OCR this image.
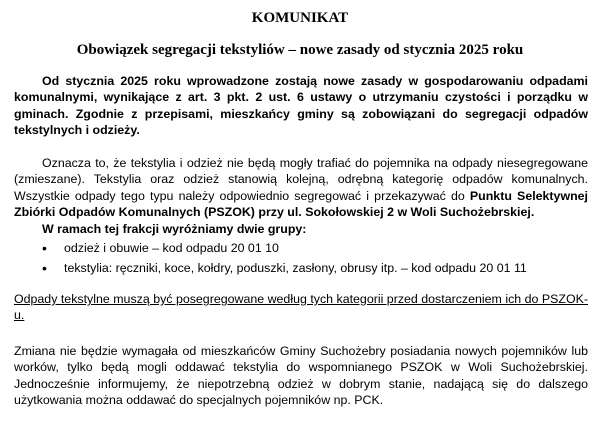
KOMUNIKAT
Obowiązek segregacji tekstyliów – nowe zasady od stycznia 2025 roku
Od stycznia 2025 roku wprowadzone zostają nowe zasady w gospodarowaniu odpadami komunalnymi, wynikające z art. 3 pkt. 2 ust. 6 ustawy o utrzymaniu czystości i porządku w gminach. Zgodnie z przepisami, mieszkańcy gminy są zobowiązani do segregacji odpadów tekstylnych i odzieży.
Oznacza to, że tekstylia i odzież nie będą mogły trafiać do pojemnika na odpady niesegregowane (zmieszane). Tekstylia oraz odzież stanowią kolejną, odrębną kategorię odpadów komunalnych. Wszystkie odpady tego typu należy odpowiednio segregować i przekazywać do Punktu Selektywnej Zbiórki Odpadów Komunalnych (PSZOK) przy ul. Sokołowskiej 2 w Woli Suchożebrskiej.
W ramach tej frakcji wyróżniamy dwie grupy:
• odzież i obuwie – kod odpadu 20 01 10
• tekstylia: ręczniki, koce, kołdry, poduszki, zasłony, obrusy itp. – kod odpadu 20 01 11
Odpady tekstylne muszą być posegregowane według tych kategorii przed dostarczeniem ich do PSZOK-u.
Zmiana nie będzie wymagała od mieszkańców Gminy Suchożebry posiadania nowych pojemników lub worków, tylko będą mogli oddawać tekstylia do wspomnianego PSZOK w Woli Suchożebrskiej. Jednocześnie informujemy, że niepotrzebną odzież w dobrym stanie, nadającą się do dalszego użytkowania można oddawać do specjalnych pojemników np. PCK.
